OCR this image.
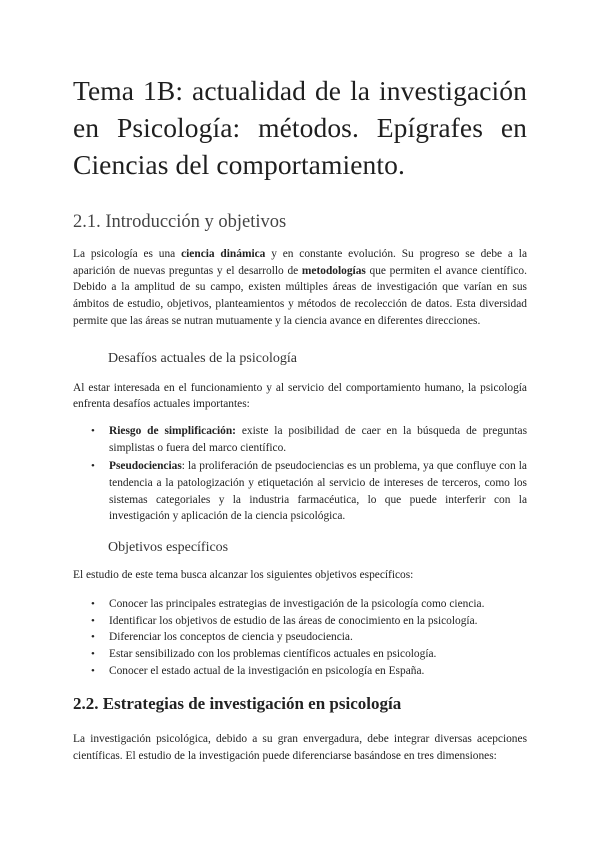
Tema 1B: actualidad de la investigación en Psicología: métodos. Epígrafes en Ciencias del comportamiento.
2.1. Introducción y objetivos

La psicología es una ciencia dinámica y en constante evolución. Su progreso se debe a la aparición de nuevas preguntas y el desarrollo de metodologías que permiten el avance científico. Debido a la amplitud de su campo, existen múltiples áreas de investigación que varían en sus ámbitos de estudio, objetivos, planteamientos y métodos de recolección de datos. Esta diversidad permite que las áreas se nutran mutuamente y la ciencia avance en diferentes direcciones.

Desafíos actuales de la psicología

Al estar interesada en el funcionamiento y al servicio del comportamiento humano, la psicología enfrenta desafíos actuales importantes:

• Riesgo de simplificación: existe la posibilidad de caer en la búsqueda de preguntas simplistas o fuera del marco científico.
• Pseudociencias: la proliferación de pseudociencias es un problema, ya que confluye con la tendencia a la patologización y etiquetación al servicio de intereses de terceros, como los sistemas categoriales y la industria farmacéutica, lo que puede interferir con la investigación y aplicación de la ciencia psicológica.
Objetivos específicos

El estudio de este tema busca alcanzar los siguientes objetivos específicos:

• Conocer las principales estrategias de investigación de la psicología como ciencia.
• Identificar los objetivos de estudio de las áreas de conocimiento en la psicología.
• Diferenciar los conceptos de ciencia y pseudociencia.
• Estar sensibilizado con los problemas científicos actuales en psicología.
• Conocer el estado actual de la investigación en psicología en España.
2.2. Estrategias de investigación en psicología

La investigación psicológica, debido a su gran envergadura, debe integrar diversas acepciones científicas. El estudio de la investigación puede diferenciarse basándose en tres dimensiones:
